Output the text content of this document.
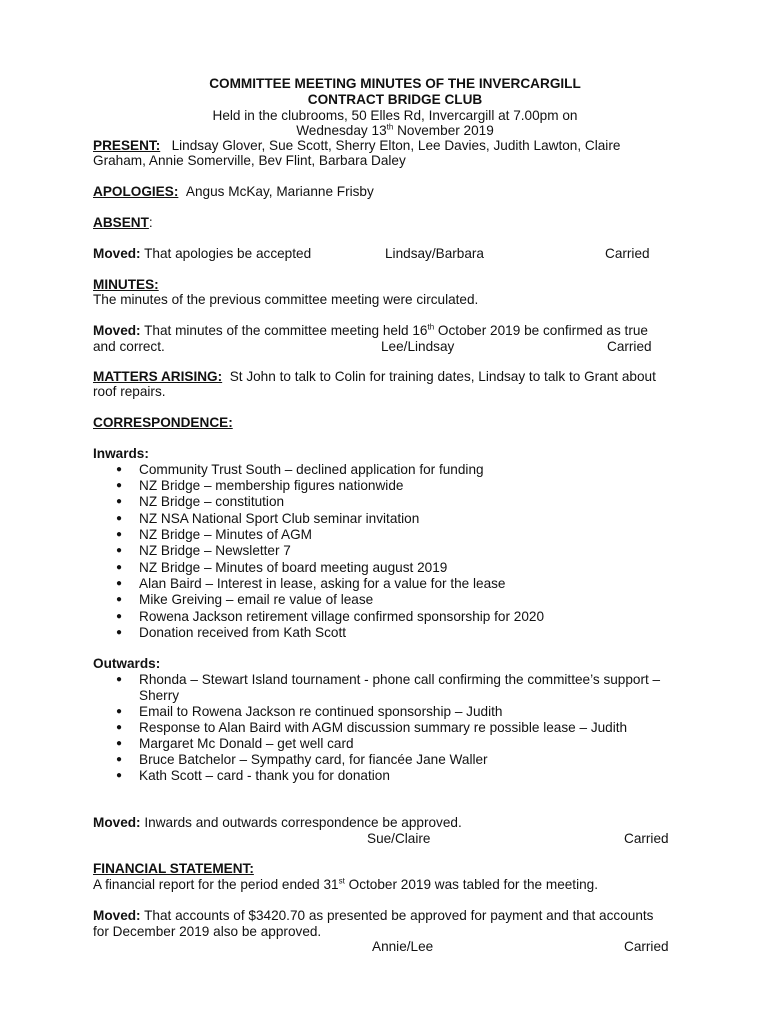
COMMITTEE MEETING MINUTES OF THE INVERCARGILL
CONTRACT BRIDGE CLUB
Held in the clubrooms, 50 Elles Rd, Invercargill at 7.00pm on
Wednesday 13th November 2019
PRESENT: Lindsay Glover, Sue Scott, Sherry Elton, Lee Davies, Judith Lawton, Claire
Graham, Annie Somerville, Bev Flint, Barbara Daley
APOLOGIES: Angus McKay, Marianne Frisby
ABSENT:
Moved: That apologies be accepted	Lindsay/Barbara	Carried
MINUTES:
The minutes of the previous committee meeting were circulated.
Moved: That minutes of the committee meeting held 16th October 2019 be confirmed as true
and correct.	Lee/Lindsay	Carried
MATTERS ARISING: St John to talk to Colin for training dates, Lindsay to talk to Grant about
roof repairs.
CORRESPONDENCE:
Inwards:
● Community Trust South – declined application for funding
● NZ Bridge – membership figures nationwide
● NZ Bridge – constitution
● NZ NSA National Sport Club seminar invitation
● NZ Bridge – Minutes of AGM
● NZ Bridge – Newsletter 7
● NZ Bridge – Minutes of board meeting august 2019
● Alan Baird – Interest in lease, asking for a value for the lease
● Mike Greiving – email re value of lease
● Rowena Jackson retirement village confirmed sponsorship for 2020
● Donation received from Kath Scott
Outwards:
● Rhonda – Stewart Island tournament - phone call confirming the committee’s support –
Sherry
● Email to Rowena Jackson re continued sponsorship – Judith
● Response to Alan Baird with AGM discussion summary re possible lease – Judith
● Margaret Mc Donald – get well card
● Bruce Batchelor – Sympathy card, for fiancée Jane Waller
● Kath Scott – card - thank you for donation
Moved: Inwards and outwards correspondence be approved.
Sue/Claire	Carried
FINANCIAL STATEMENT:
A financial report for the period ended 31st October 2019 was tabled for the meeting.
Moved: That accounts of $3420.70 as presented be approved for payment and that accounts
for December 2019 also be approved.
Annie/Lee	Carried
